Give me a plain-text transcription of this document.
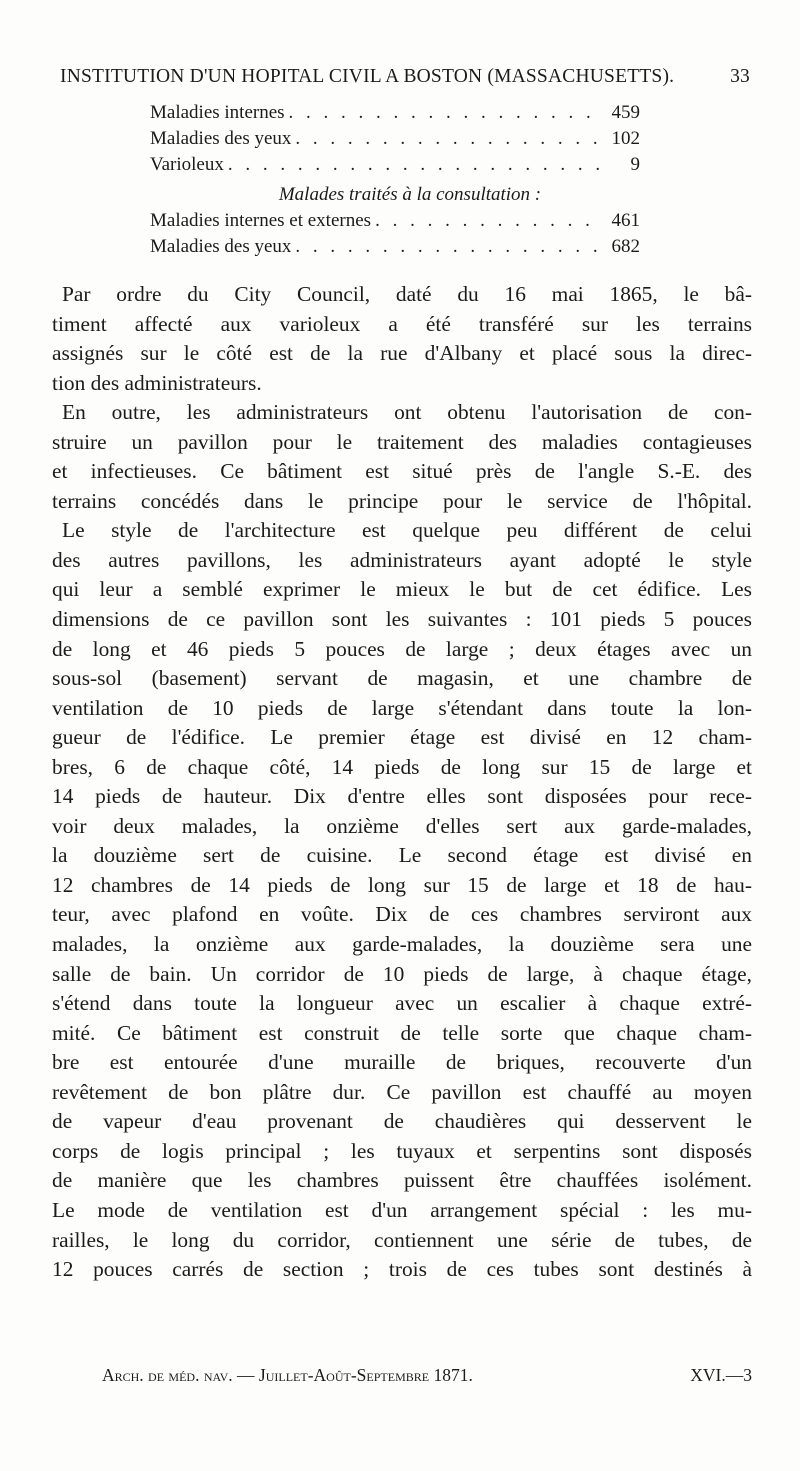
INSTITUTION D'UN HOPITAL CIVIL A BOSTON (MASSACHUSETTS).	33
Maladies internes . . .	459
Maladies des yeux . . .	102
Varioleux . . .	9
Malades traités à la consultation :
Maladies internes et externes . . .	461
Maladies des yeux . . .	682
Par ordre du City Council, daté du 16 mai 1865, le bâ-
timent affecté aux varioleux a été transféré sur les terrains
assignés sur le côté est de la rue d'Albany et placé sous la direc-
tion des administrateurs.
En outre, les administrateurs ont obtenu l'autorisation de con-
struire un pavillon pour le traitement des maladies contagieuses
et infectieuses. Ce bâtiment est situé près de l'angle S.-E. des
terrains concédés dans le principe pour le service de l'hôpital.
Le style de l'architecture est quelque peu différent de celui
des autres pavillons, les administrateurs ayant adopté le style
qui leur a semblé exprimer le mieux le but de cet édifice. Les
dimensions de ce pavillon sont les suivantes : 101 pieds 5 pouces
de long et 46 pieds 5 pouces de large ; deux étages avec un
sous-sol (basement) servant de magasin, et une chambre de
ventilation de 10 pieds de large s'étendant dans toute la lon-
gueur de l'édifice. Le premier étage est divisé en 12 cham-
bres, 6 de chaque côté, 14 pieds de long sur 15 de large et
14 pieds de hauteur. Dix d'entre elles sont disposées pour rece-
voir deux malades, la onzième d'elles sert aux garde-malades,
la douzième sert de cuisine. Le second étage est divisé en
12 chambres de 14 pieds de long sur 15 de large et 18 de hau-
teur, avec plafond en voûte. Dix de ces chambres serviront aux
malades, la onzième aux garde-malades, la douzième sera une
salle de bain. Un corridor de 10 pieds de large, à chaque étage,
s'étend dans toute la longueur avec un escalier à chaque extré-
mité. Ce bâtiment est construit de telle sorte que chaque cham-
bre est entourée d'une muraille de briques, recouverte d'un
revêtement de bon plâtre dur. Ce pavillon est chauffé au moyen
de vapeur d'eau provenant de chaudières qui desservent le
corps de logis principal ; les tuyaux et serpentins sont disposés
de manière que les chambres puissent être chauffées isolément.
Le mode de ventilation est d'un arrangement spécial : les mu-
railles, le long du corridor, contiennent une série de tubes, de
12 pouces carrés de section ; trois de ces tubes sont destinés à
Arch. de méd. nav. — Juillet-Août-Septembre 1871.	XVI.—3
